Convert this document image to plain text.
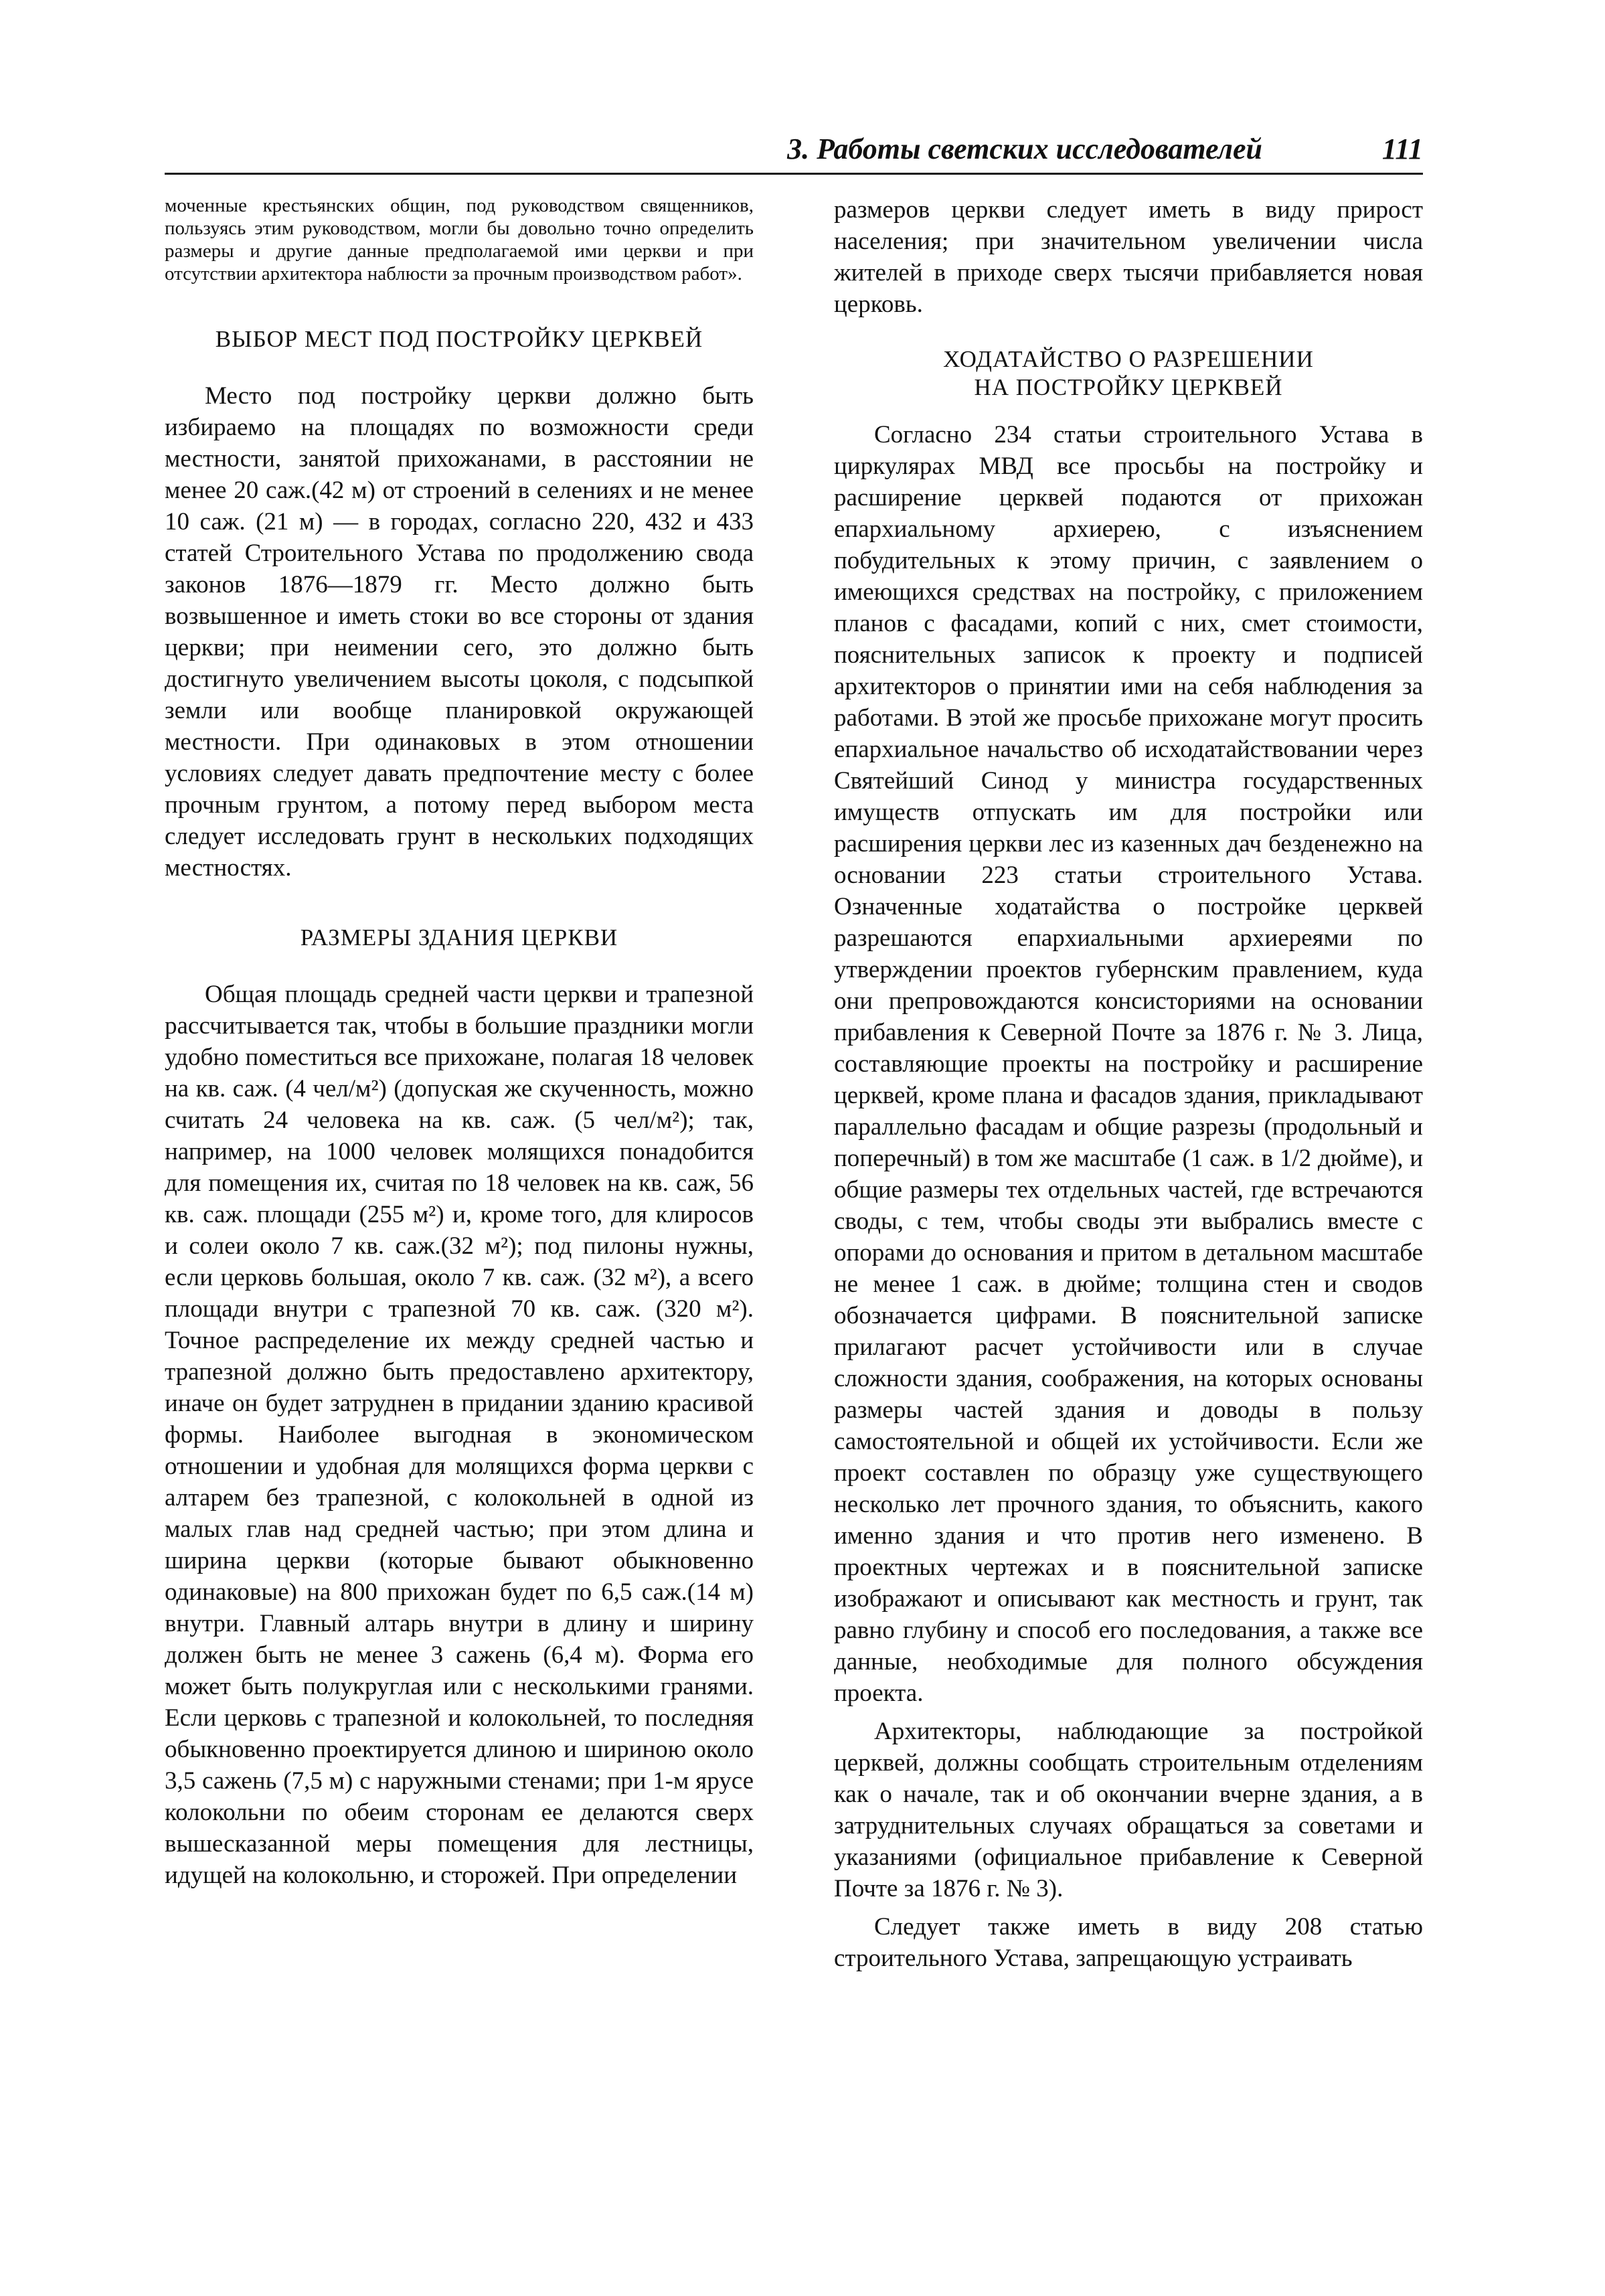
3. Работы светских исследователей	111

моченные крестьянских общин, под руководством священников, пользуясь этим руководством, могли бы довольно точно определить размеры и другие данные предполагаемой ими церкви и при отсутствии архитектора наблюсти за прочным производством работ».

ВЫБОР МЕСТ ПОД ПОСТРОЙКУ ЦЕРКВЕЙ

Место под постройку церкви должно быть избираемо на площадях по возможности среди местности, занятой прихожанами, в расстоянии не менее 20 саж.(42 м) от строений в селениях и не менее 10 саж. (21 м) — в городах, согласно 220, 432 и 433 статей Строительного Устава по продолжению свода законов 1876—1879 гг. Место должно быть возвышенное и иметь стоки во все стороны от здания церкви; при неимении сего, это должно быть достигнуто увеличением высоты цоколя, с подсыпкой земли или вообще планировкой окружающей местности. При одинаковых в этом отношении условиях следует давать предпочтение месту с более прочным грунтом, а потому перед выбором места следует исследовать грунт в нескольких подходящих местностях.

РАЗМЕРЫ ЗДАНИЯ ЦЕРКВИ

Общая площадь средней части церкви и трапезной рассчитывается так, чтобы в большие праздники могли удобно поместиться все прихожане, полагая 18 человек на кв. саж. (4 чел/м²) (допуская же скученность, можно считать 24 человека на кв. саж. (5 чел/м²); так, например, на 1000 человек молящихся понадобится для помещения их, считая по 18 человек на кв. саж, 56 кв. саж. площади (255 м²) и, кроме того, для клиросов и солеи около 7 кв. саж.(32 м²); под пилоны нужны, если церковь большая, около 7 кв. саж. (32 м²), а всего площади внутри с трапезной 70 кв. саж. (320 м²). Точное распределение их между средней частью и трапезной должно быть предоставлено архитектору, иначе он будет затруднен в придании зданию красивой формы. Наиболее выгодная в экономическом отношении и удобная для молящихся форма церкви с алтарем без трапезной, с колокольней в одной из малых глав над средней частью; при этом длина и ширина церкви (которые бывают обыкновенно одинаковые) на 800 прихожан будет по 6,5 саж.(14 м) внутри. Главный алтарь внутри в длину и ширину должен быть не менее 3 сажень (6,4 м). Форма его может быть полукруглая или с несколькими гранями. Если церковь с трапезной и колокольней, то последняя обыкновенно проектируется длиною и шириною около 3,5 сажень (7,5 м) с наружными стенами; при 1-м ярусе колокольни по обеим сторонам ее делаются сверх вышесказанной меры помещения для лестницы, идущей на колокольню, и сторожей. При определении

размеров церкви следует иметь в виду прирост населения; при значительном увеличении числа жителей в приходе сверх тысячи прибавляется новая церковь.

ХОДАТАЙСТВО О РАЗРЕШЕНИИ
НА ПОСТРОЙКУ ЦЕРКВЕЙ

Согласно 234 статьи строительного Устава в циркулярах МВД все просьбы на постройку и расширение церквей подаются от прихожан епархиальному архиерею, с изъяснением побудительных к этому причин, с заявлением о имеющихся средствах на постройку, с приложением планов с фасадами, копий с них, смет стоимости, пояснительных записок к проекту и подписей архитекторов о принятии ими на себя наблюдения за работами. В этой же просьбе прихожане могут просить епархиальное начальство об исходатайствовании через Святейший Синод у министра государственных имуществ отпускать им для постройки или расширения церкви лес из казенных дач безденежно на основании 223 статьи строительного Устава. Означенные ходатайства о постройке церквей разрешаются епархиальными архиереями по утверждении проектов губернским правлением, куда они препровождаются консисториями на основании прибавления к Северной Почте за 1876 г. № 3. Лица, составляющие проекты на постройку и расширение церквей, кроме плана и фасадов здания, прикладывают параллельно фасадам и общие разрезы (продольный и поперечный) в том же масштабе (1 саж. в 1/2 дюйме), и общие размеры тех отдельных частей, где встречаются своды, с тем, чтобы своды эти выбрались вместе с опорами до основания и притом в детальном масштабе не менее 1 саж. в дюйме; толщина стен и сводов обозначается цифрами. В пояснительной записке прилагают расчет устойчивости или в случае сложности здания, соображения, на которых основаны размеры частей здания и доводы в пользу самостоятельной и общей их устойчивости. Если же проект составлен по образцу уже существующего несколько лет прочного здания, то объяснить, какого именно здания и что против него изменено. В проектных чертежах и в пояснительной записке изображают и описывают как местность и грунт, так равно глубину и способ его последования, а также все данные, необходимые для полного обсуждения проекта.

Архитекторы, наблюдающие за постройкой церквей, должны сообщать строительным отделениям как о начале, так и об окончании вчерне здания, а в затруднительных случаях обращаться за советами и указаниями (официальное прибавление к Северной Почте за 1876 г. № 3).

Следует также иметь в виду 208 статью строительного Устава, запрещающую устраивать
